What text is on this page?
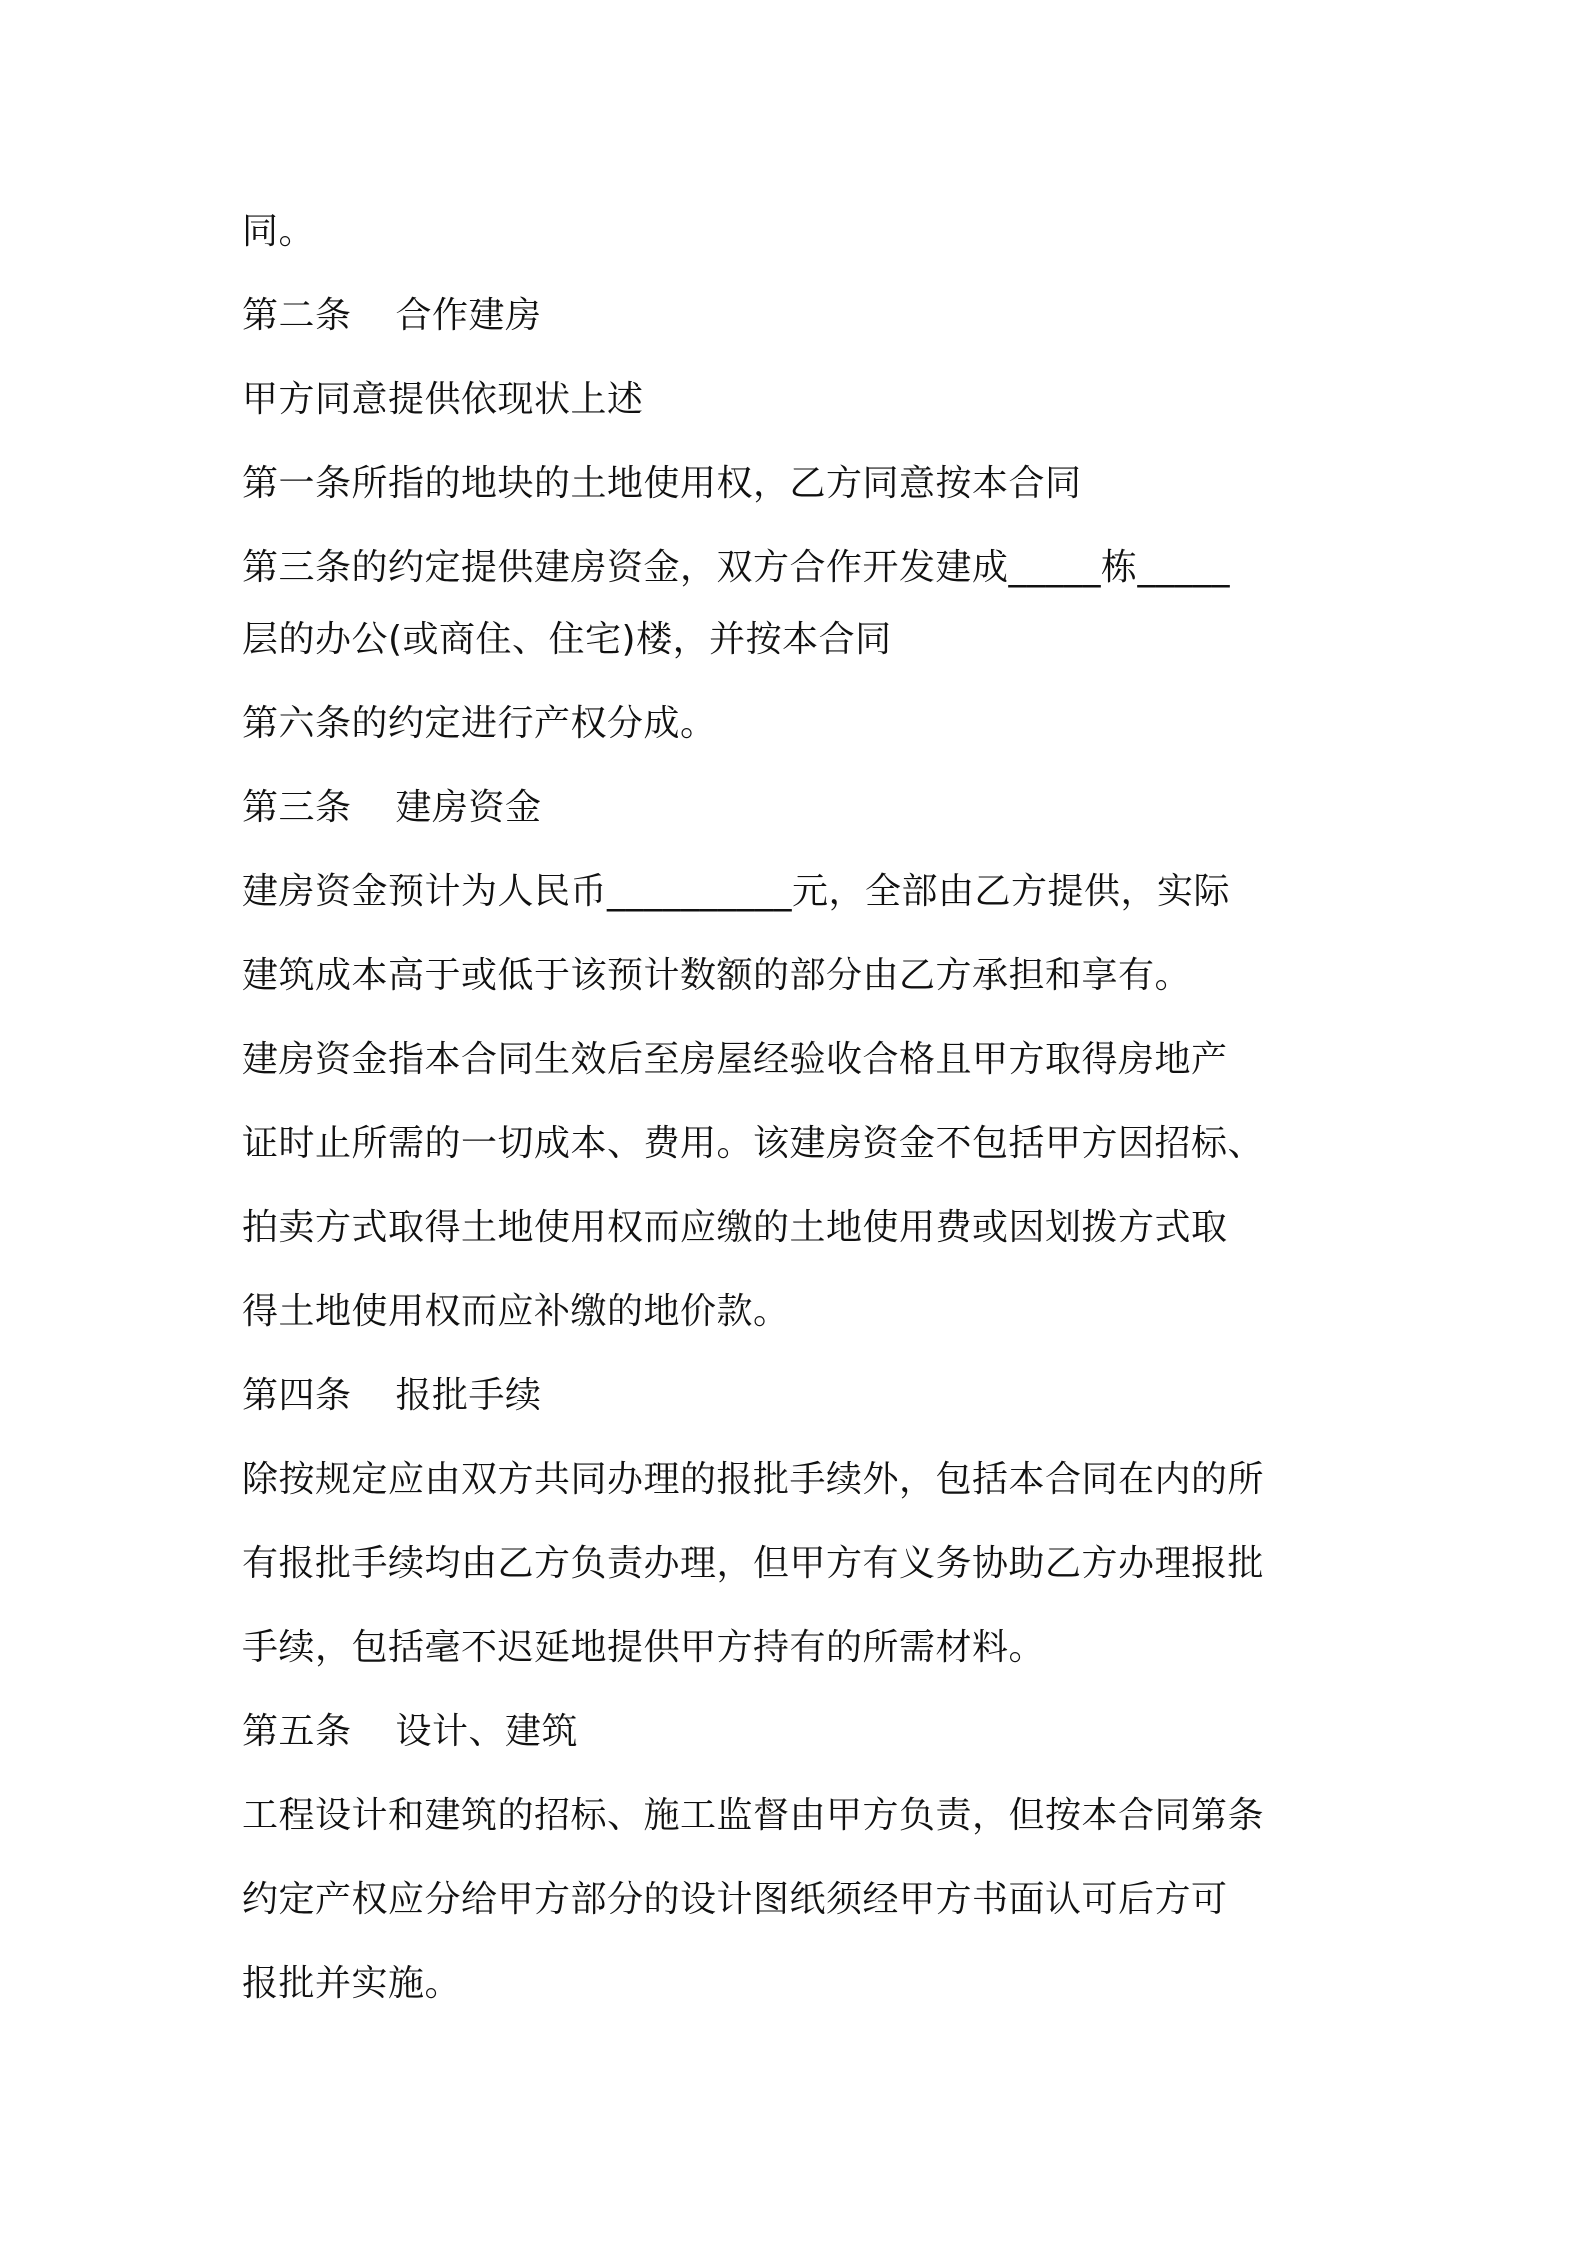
同。
第二条 合作建房
甲方同意提供依现状上述
第一条所指的地块的土地使用权，乙方同意按本合同
第三条的约定提供建房资金，双方合作开发建成_____栋_____
层的办公(或商住、住宅)楼，并按本合同
第六条的约定进行产权分成。
第三条 建房资金
建房资金预计为人民币__________元，全部由乙方提供，实际
建筑成本高于或低于该预计数额的部分由乙方承担和享有。
建房资金指本合同生效后至房屋经验收合格且甲方取得房地产
证时止所需的一切成本、费用。该建房资金不包括甲方因招标、
拍卖方式取得土地使用权而应缴的土地使用费或因划拨方式取
得土地使用权而应补缴的地价款。
第四条 报批手续
除按规定应由双方共同办理的报批手续外，包括本合同在内的所
有报批手续均由乙方负责办理，但甲方有义务协助乙方办理报批
手续，包括毫不迟延地提供甲方持有的所需材料。
第五条 设计、建筑
工程设计和建筑的招标、施工监督由甲方负责，但按本合同第条
约定产权应分给甲方部分的设计图纸须经甲方书面认可后方可
报批并实施。
